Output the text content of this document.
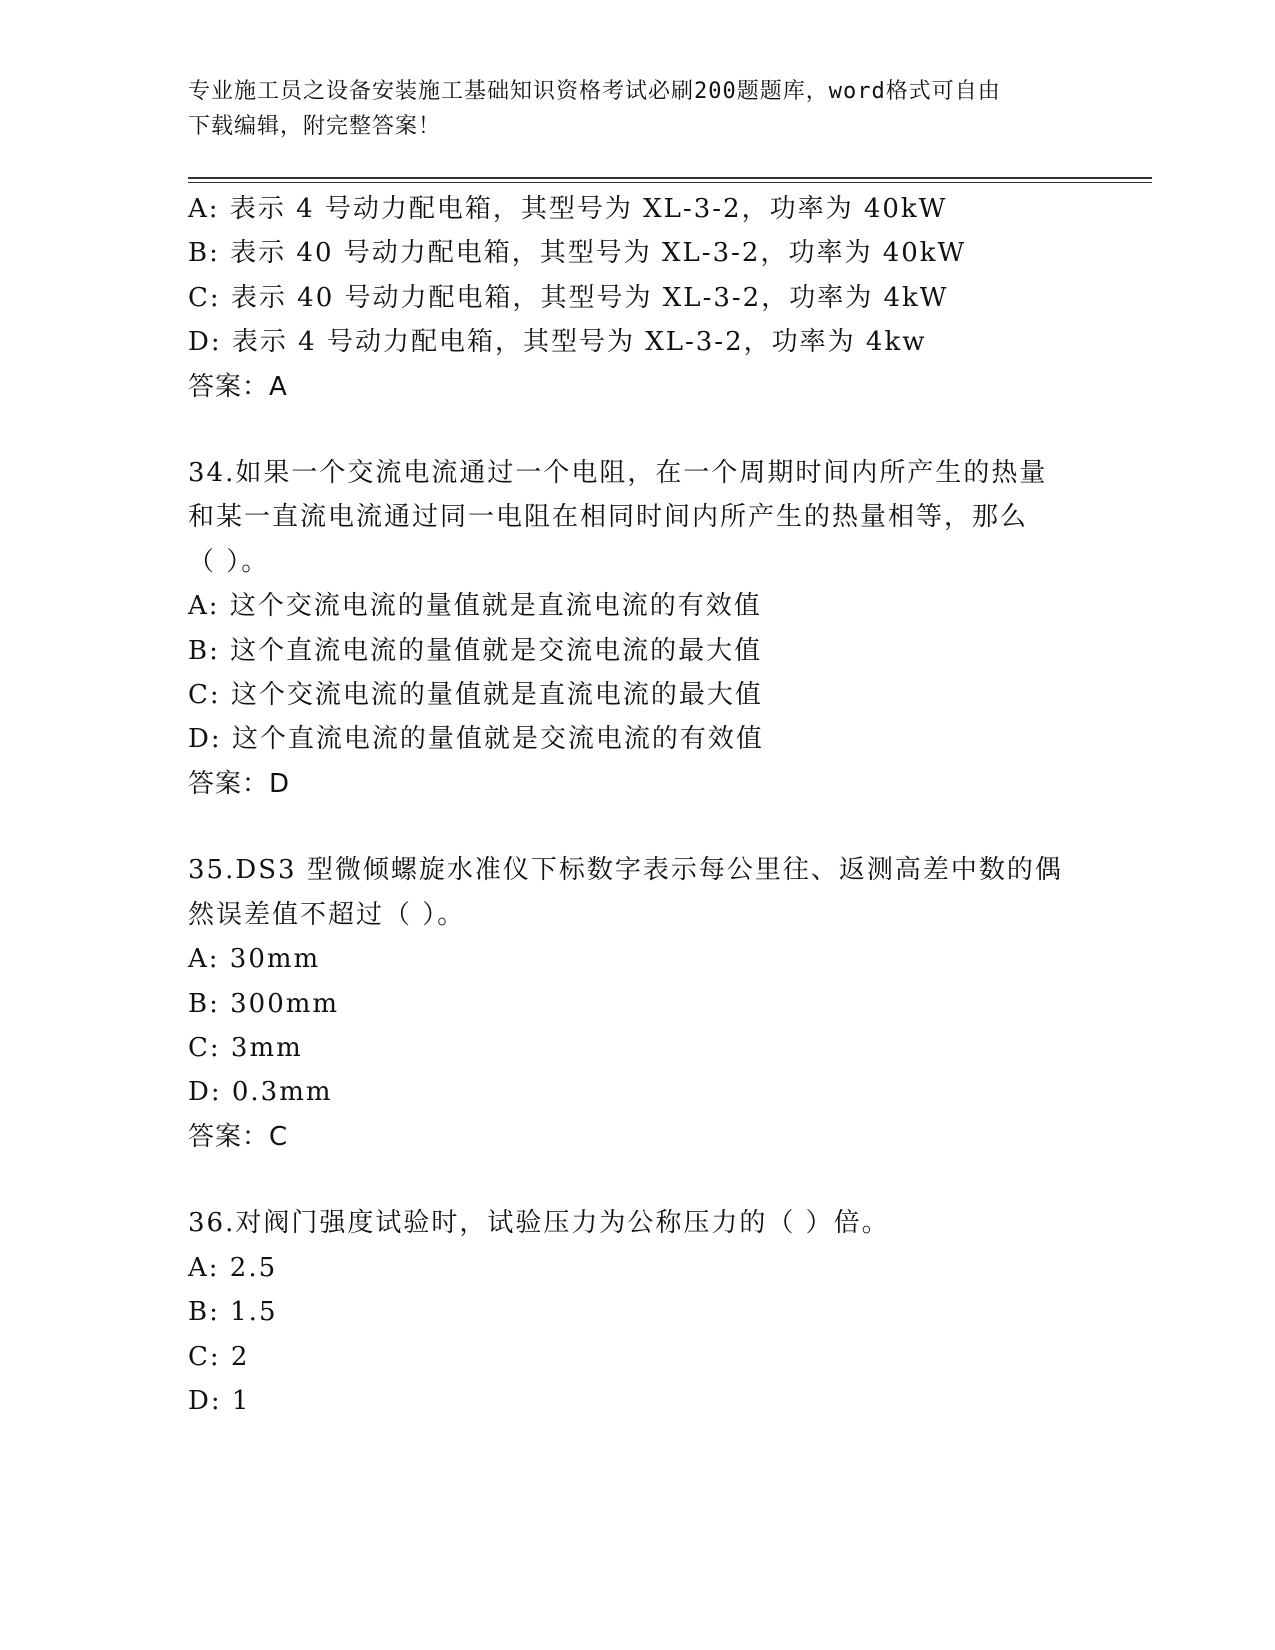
专业施工员之设备安装施工基础知识资格考试必刷200题题库，word格式可自由
下载编辑，附完整答案！
A: 表示 4 号动力配电箱，其型号为 XL-3-2，功率为 40kW
B: 表示 40 号动力配电箱，其型号为 XL-3-2，功率为 40kW
C: 表示 40 号动力配电箱，其型号为 XL-3-2，功率为 4kW
D: 表示 4 号动力配电箱，其型号为 XL-3-2，功率为 4kw
答案：A
34.如果一个交流电流通过一个电阻，在一个周期时间内所产生的热量
和某一直流电流通过同一电阻在相同时间内所产生的热量相等，那么
（ ）。
A: 这个交流电流的量值就是直流电流的有效值
B: 这个直流电流的量值就是交流电流的最大值
C: 这个交流电流的量值就是直流电流的最大值
D: 这个直流电流的量值就是交流电流的有效值
答案：D
35.DS3 型微倾螺旋水准仪下标数字表示每公里往、返测高差中数的偶
然误差值不超过（ ）。
A: 30mm
B: 300mm
C: 3mm
D: 0.3mm
答案：C
36.对阀门强度试验时，试验压力为公称压力的（ ）倍。
A: 2.5
B: 1.5
C: 2
D: 1
